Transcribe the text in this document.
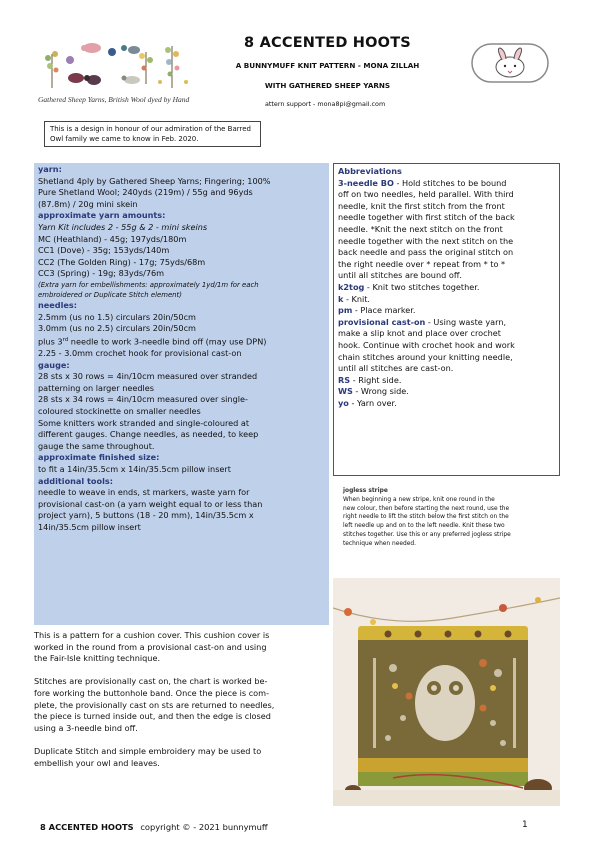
Gathered Sheep Yarns, British Wool dyed by Hand
8 ACCENTED HOOTS
A BUNNYMUFF KNIT PATTERN - MONA ZILLAH
WITH GATHERED SHEEP YARNS
attern support - mona8pi@gmail.com
This is a design in honour of our admiration of the Barred Owl family we came to know in Feb. 2020.
yarn:
Shetland 4ply by Gathered Sheep Yarns; Fingering; 100%
Pure Shetland Wool; 240yds (219m) / 55g and 96yds
(87.8m) / 20g mini skein
approximate yarn amounts:
Yarn Kit includes 2 - 55g & 2 - mini skeins
MC (Heathland) - 45g; 197yds/180m
CC1 (Dove) - 35g; 153yds/140m
CC2 (The Golden Ring) - 17g; 75yds/68m
CC3 (Spring) - 19g; 83yds/76m
(Extra yarn for embellishments: approximately 1yd/1m for each
embroidered or Duplicate Stitch element)
needles:
2.5mm (us no 1.5) circulars 20in/50cm
3.0mm (us no 2.5) circulars 20in/50cm
plus 3rd needle to work 3-needle bind off (may use DPN)
2.25 - 3.0mm crochet hook for provisional cast-on
gauge:
28 sts x 30 rows = 4in/10cm measured over stranded
patterning on larger needles
28 sts x 34 rows = 4in/10cm measured over single-
coloured stockinette on smaller needles
Some knitters work stranded and single-coloured at
different gauges. Change needles, as needed, to keep
gauge the same throughout.
approximate finished size:
to fit a 14in/35.5cm x 14in/35.5cm pillow insert
additional tools:
needle to weave in ends, st markers, waste yarn for
provisional cast-on (a yarn weight equal to or less than
project yarn), 5 buttons (18 - 20 mm), 14in/35.5cm x
14in/35.5cm pillow insert

This is a pattern for a cushion cover. This cushion cover is
worked in the round from a provisional cast-on and using
the Fair-Isle knitting technique.

Stitches are provisionally cast on, the chart is worked be-
fore working the buttonhole band. Once the piece is com-
plete, the provisionally cast on sts are returned to needles,
the piece is turned inside out, and then the edge is closed
using a 3-needle bind off.

Duplicate Stitch and simple embroidery may be used to
embellish your owl and leaves.

Abbreviations
3-needle BO - Hold stitches to be bound
off on two needles, held parallel. With third
needle, knit the first stitch from the front
needle together with first stitch of the back
needle. *Knit the next stitch on the front
needle together with the next stitch on the
back needle and pass the original stitch on
the right needle over * repeat from * to *
until all stitches are bound off.
k2tog - Knit two stitches together.
k - Knit.
pm - Place marker.
provisional cast-on - Using waste yarn,
make a slip knot and place over crochet
hook. Continue with crochet hook and work
chain stitches around your knitting needle,
until all stitches are cast-on.
RS - Right side.
WS - Wrong side.
yo - Yarn over.
jogless stripe
When beginning a new stripe, knit one round in the
new colour, then before starting the next round, use the
right needle to lift the stitch below the first stitch on the
left needle up and on to the left needle. Knit these two
stitches together. Use this or any preferred jogless stripe
technique when needed.
8 ACCENTED HOOTS copyright © - 2021 bunnymuff	1
